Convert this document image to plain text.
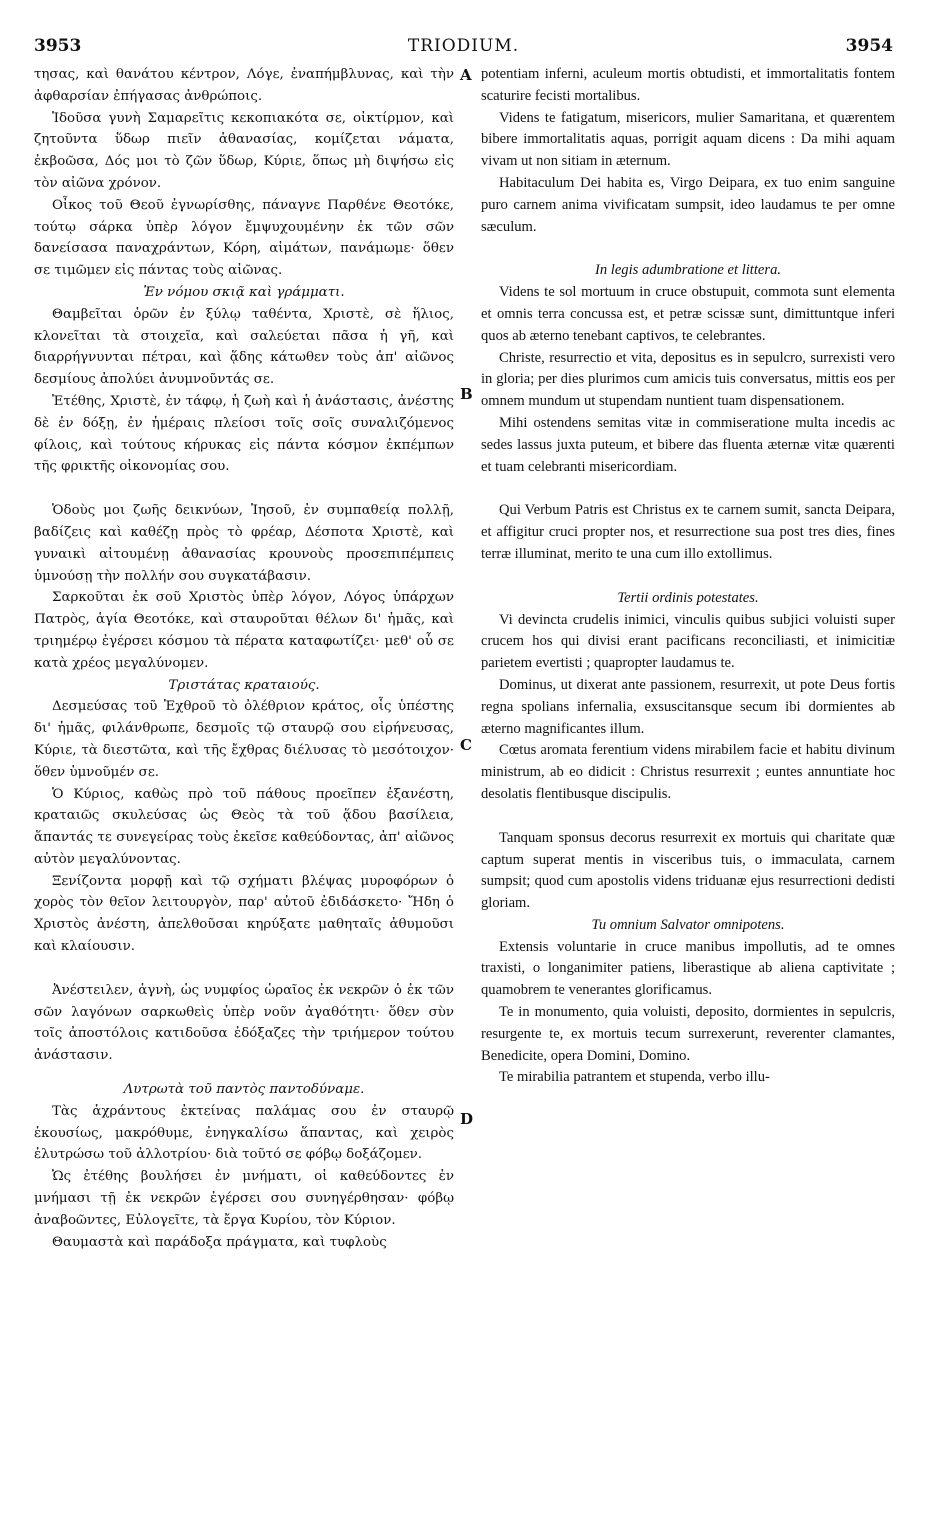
3953	TRIODIUM.	3954
A
B
C
D

τησας, καὶ θανάτου κέντρον, Λόγε, ἐναπήμβλυνας, καὶ τὴν ἀφθαρσίαν ἐπήγασας ἀνθρώποις.

Ἰδοῦσα γυνὴ Σαμαρεῖτις κεκοπιακότα σε, οἰκτίρμον, καὶ ζητοῦντα ὕδωρ πιεῖν ἀθανασίας, κομίζεται νάματα, ἐκβοῶσα, Δός μοι τὸ ζῶν ὕδωρ, Κύριε, ὅπως μὴ διψήσω εἰς τὸν αἰῶνα χρόνον.

Οἶκος τοῦ Θεοῦ ἐγνωρίσθης, πάναγνε Παρθένε Θεοτόκε, τούτῳ σάρκα ὑπὲρ λόγον ἔμψυχουμένην ἐκ τῶν σῶν δανείσασα παναχράντων, Κόρη, αἱμάτων, πανάμωμε· ὅθεν σε τιμῶμεν εἰς πάντας τοὺς αἰῶνας.

Ἐν νόμου σκιᾷ καὶ γράμματι.

Θαμβεῖται ὁρῶν ἐν ξύλῳ ταθέντα, Χριστὲ, σὲ ἥλιος, κλονεῖται τὰ στοιχεῖα, καὶ σαλεύεται πᾶσα ἡ γῆ, καὶ διαρρήγνυνται πέτραι, καὶ ᾅδης κάτωθεν τοὺς ἀπ' αἰῶνος δεσμίους ἀπολύει ἀνυμνοῦντάς σε.

Ἐτέθης, Χριστὲ, ἐν τάφῳ, ἡ ζωὴ καὶ ἡ ἀνάστασις, ἀνέστης δὲ ἐν δόξῃ, ἐν ἡμέραις πλείοσι τοῖς σοῖς συναλιζόμενος φίλοις, καὶ τούτους κήρυκας εἰς πάντα κόσμον ἐκπέμπων τῆς φρικτῆς οἰκονομίας σου.

Ὁδοὺς μοι ζωῆς δεικνύων, Ἰησοῦ, ἐν συμπαθείᾳ πολλῇ, βαδίζεις καὶ καθέζῃ πρὸς τὸ φρέαρ, Δέσποτα Χριστὲ, καὶ γυναικὶ αἰτουμένῃ ἀθανασίας κρουνοὺς προσεπιπέμπεις ὑμνούσῃ τὴν πολλήν σου συγκατάβασιν.

Σαρκοῦται ἐκ σοῦ Χριστὸς ὑπὲρ λόγον, Λόγος ὑπάρχων Πατρὸς, ἁγία Θεοτόκε, καὶ σταυροῦται θέλων δι' ἡμᾶς, καὶ τριημέρῳ ἐγέρσει κόσμου τὰ πέρατα καταφωτίζει· μεθ' οὗ σε κατὰ χρέος μεγαλύνομεν.

Τριστάτας κραταιούς.

Δεσμεύσας τοῦ Ἐχθροῦ τὸ ὀλέθριον κράτος, οἷς ὑπέστης δι' ἡμᾶς, φιλάνθρωπε, δεσμοῖς τῷ σταυρῷ σου εἰρήνευσας, Κύριε, τὰ διεστῶτα, καὶ τῆς ἔχθρας διέλυσας τὸ μεσότοιχον· ὅθεν ὑμνοῦμέν σε.

Ὁ Κύριος, καθὼς πρὸ τοῦ πάθους προεῖπεν ἐξανέστη, κραταιῶς σκυλεύσας ὡς Θεὸς τὰ τοῦ ᾅδου βασίλεια, ἅπαντάς τε συνεγείρας τοὺς ἐκεῖσε καθεύδοντας, ἀπ' αἰῶνος αὐτὸν μεγαλύνοντας.

Ξενίζοντα μορφῇ καὶ τῷ σχήματι βλέψας μυροφόρων ὁ χορὸς τὸν θεῖον λειτουργὸν, παρ' αὐτοῦ ἐδιδάσκετο· Ἤδη ὁ Χριστὸς ἀνέστη, ἀπελθοῦσαι κηρύξατε μαθηταῖς ἀθυμοῦσι καὶ κλαίουσιν.

Ἀνέστειλεν, ἁγνὴ, ὡς νυμφίος ὡραῖος ἐκ νεκρῶν ὁ ἐκ τῶν σῶν λαγόνων σαρκωθεὶς ὑπὲρ νοῦν ἀγαθότητι· ὅθεν σὺν τοῖς ἀποστόλοις κατιδοῦσα ἐδόξαζες τὴν τριήμερον τούτου ἀνάστασιν.

Λυτρωτὰ τοῦ παντὸς παντοδύναμε.

Τὰς ἀχράντους ἐκτείνας παλάμας σου ἐν σταυρῷ ἑκουσίως, μακρόθυμε, ἐνηγκαλίσω ἅπαντας, καὶ χειρὸς ἐλυτρώσω τοῦ ἀλλοτρίου· διὰ τοῦτό σε φόβῳ δοξάζομεν.

Ὡς ἐτέθης βουλήσει ἐν μνήματι, οἱ καθεύδοντες ἐν μνήμασι τῇ ἐκ νεκρῶν ἐγέρσει σου συνηγέρθησαν· φόβῳ ἀναβοῶντες, Εὐλογεῖτε, τὰ ἔργα Κυρίου, τὸν Κύριον.

Θαυμαστὰ καὶ παράδοξα πράγματα, καὶ τυφλοὺς

potentiam inferni, aculeum mortis obtudisti, et immortalitatis fontem scaturire fecisti mortalibus.

Videns te fatigatum, misericors, mulier Samaritana, et quærentem bibere immortalitatis aquas, porrigit aquam dicens : Da mihi aquam vivam ut non sitiam in æternum.

Habitaculum Dei habita es, Virgo Deipara, ex tuo enim sanguine puro carnem anima vivificatam sumpsit, ideo laudamus te per omne sæculum.

In legis adumbratione et littera.

Videns te sol mortuum in cruce obstupuit, commota sunt elementa et omnis terra concussa est, et petræ scissæ sunt, dimittuntque inferi quos ab æterno tenebant captivos, te celebrantes.

Christe, resurrectio et vita, depositus es in sepulcro, surrexisti vero in gloria; per dies plurimos cum amicis tuis conversatus, mittis eos per omnem mundum ut stupendam nuntient tuam dispensationem.

Mihi ostendens semitas vitæ in commiseratione multa incedis ac sedes lassus juxta puteum, et bibere das fluenta æternæ vitæ quærenti et tuam celebranti misericordiam.

Qui Verbum Patris est Christus ex te carnem sumit, sancta Deipara, et affigitur cruci propter nos, et resurrectione sua post tres dies, fines terræ illuminat, merito te una cum illo extollimus.

Tertii ordinis potestates.

Vi devincta crudelis inimici, vinculis quibus subjici voluisti super crucem hos qui divisi erant pacificans reconciliasti, et inimicitiæ parietem evertisti ; quapropter laudamus te.

Dominus, ut dixerat ante passionem, resurrexit, ut pote Deus fortis regna spolians infernalia, exsuscitansque secum ibi dormientes ab æterno magnificantes illum.

Cœtus aromata ferentium videns mirabilem facie et habitu divinum ministrum, ab eo didicit : Christus resurrexit ; euntes annuntiate hoc desolatis flentibusque discipulis.

Tanquam sponsus decorus resurrexit ex mortuis qui charitate quæ captum superat mentis in visceribus tuis, o immaculata, carnem sumpsit; quod cum apostolis videns triduanæ ejus resurrectioni dedisti gloriam.

Tu omnium Salvator omnipotens.

Extensis voluntarie in cruce manibus impollutis, ad te omnes traxisti, o longanimiter patiens, liberastique ab aliena captivitate ; quamobrem te venerantes glorificamus.

Te in monumento, quia voluisti, deposito, dormientes in sepulcris, resurgente te, ex mortuis tecum surrexerunt, reverenter clamantes, Benedicite, opera Domini, Domino.

Te mirabilia patrantem et stupenda, verbo illu-
